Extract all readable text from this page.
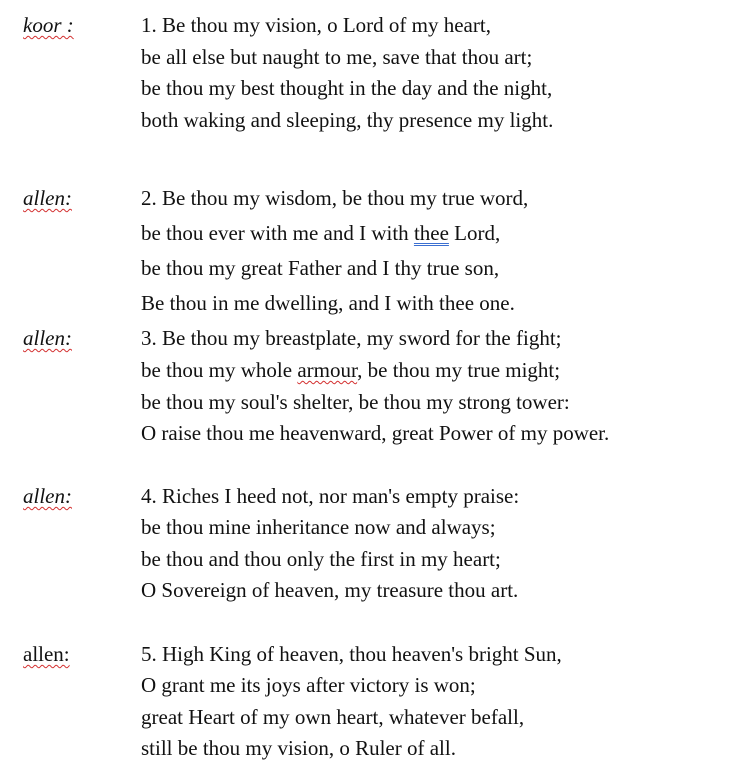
koor :	1. Be thou my vision, o Lord of my heart,
be all else but naught to me, save that thou art;
be thou my best thought in the day and the night,
both waking and sleeping, thy presence my light.
allen:	2. Be thou my wisdom, be thou my true word,
be thou ever with me and I with thee Lord,
be thou my great Father and I thy true son,
Be thou in me dwelling, and I with thee one.
allen:	3. Be thou my breastplate, my sword for the fight;
be thou my whole armour, be thou my true might;
be thou my soul's shelter, be thou my strong tower:
O raise thou me heavenward, great Power of my power.
allen:	4. Riches I heed not, nor man's empty praise:
be thou mine inheritance now and always;
be thou and thou only the first in my heart;
O Sovereign of heaven, my treasure thou art.
allen:	5. High King of heaven, thou heaven's bright Sun,
O grant me its joys after victory is won;
great Heart of my own heart, whatever befall,
still be thou my vision, o Ruler of all.
